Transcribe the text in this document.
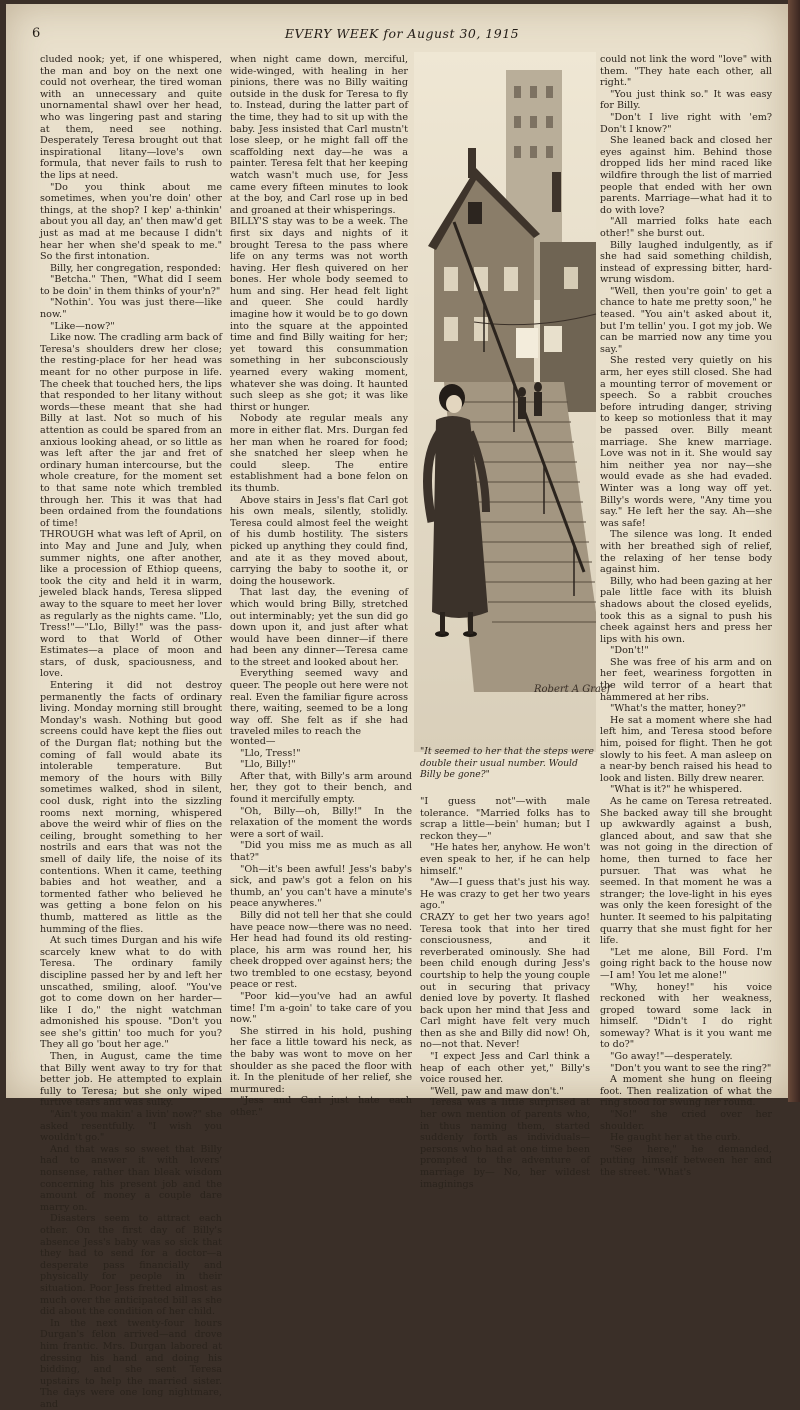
6	EVERY WEEK for August 30, 1915

cluded nook; yet, if one whispered, the man and boy on the next one could not overhear, the tired woman with an unnecessary and quite unornamental shawl over her head, who was lingering past and staring at them, need see nothing. Desperately Teresa brought out that inspirational litany—love's own formula, that never fails to rush to the lips at need.

"Do you think about me sometimes, when you're doin' other things, at the shop? I kep' a-thinkin' about you all day, an' then maw'd get just as mad at me because I didn't hear her when she'd speak to me." So the first intonation.

Billy, her congregation, responded:

"Betcha." Then, "What did I seem to be doin' in them thinks of your'n?"

"Nothin'. You was just there—like now."

"Like—now?"

Like now. The cradling arm back of Teresa's shoulders drew her close; the resting-place for her head was meant for no other purpose in life. The cheek that touched hers, the lips that responded to her litany without words—these meant that she had Billy at last. Not so much of his attention as could be spared from an anxious looking ahead, or so little as was left after the jar and fret of ordinary human intercourse, but the whole creature, for the moment set to that same note which trembled through her. This it was that had been ordained from the foundations of time!

THROUGH what was left of April, on into May and June and July, when summer nights, one after another, like a procession of Ethiop queens, took the city and held it in warm, jeweled black hands, Teresa slipped away to the square to meet her lover as regularly as the nights came. "Llo, Tress!"—"Llo, Billy!" was the pass-word to that World of Other Estimates—a place of moon and stars, of dusk, spaciousness, and love.

Entering it did not destroy permanently the facts of ordinary living. Monday morning still brought Monday's wash. Nothing but good screens could have kept the flies out of the Durgan flat; nothing but the coming of fall would abate its intolerable temperature. But memory of the hours with Billy sometimes walked, shod in silent, cool dusk, right into the sizzling rooms next morning, whispered above the weird whir of flies on the ceiling, brought something to her nostrils and ears that was not the smell of daily life, the noise of its contentions. When it came, teething babies and hot weather, and a tormented father who believed he was getting a bone felon on his thumb, mattered as little as the humming of the flies.

At such times Durgan and his wife scarcely knew what to do with Teresa. The ordinary family discipline passed her by and left her unscathed, smiling, aloof. "You've got to come down on her harder—like I do," the night watchman admonished his spouse. "Don't you see she's gittin' too much for you? They all go 'bout her age."

Then, in August, came the time that Billy went away to try for that better job. He attempted to explain fully to Teresa; but she only wiped furtive tears and was sulky.

"Ain't you makin' a livin' now?" she asked resentfully. "I wish you wouldn't go."

And that was so sweet that Billy had to answer it with lovers' nonsense, rather than bleak wisdom concerning his present job and the amount of money a couple dare marry on.

Disasters seem to attract each other. On the first day of Billy's absence Jess's baby was so sick that they had to send for a doctor—a desperate pass financially and physically for people in their situation. Poor Jess fretted almost as much over the anticipated bill as she did about the condition of her child.

In the next twenty-four hours Durgan's felon arrived—and drove him frantic. Mrs. Durgan labored at dressing his hand and doing his bidding, and she sent Teresa upstairs to help the married sister. The days were one long nightmare, and

when night came down, merciful, wide-winged, with healing in her pinions, there was no Billy waiting outside in the dusk for Teresa to fly to. Instead, during the latter part of the time, they had to sit up with the baby. Jess insisted that Carl mustn't lose sleep, or he might fall off the scaffolding next day—he was a painter. Teresa felt that her keeping watch wasn't much use, for Jess came every fifteen minutes to look at the boy, and Carl rose up in bed and groaned at their whisperings.

BILLY'S stay was to be a week. The first six days and nights of it brought Teresa to the pass where life on any terms was not worth having. Her flesh quivered on her bones. Her whole body seemed to hum and sing. Her head felt light and queer. She could hardly imagine how it would be to go down into the square at the appointed time and find Billy waiting for her; yet toward this consummation something in her subconsciously yearned every waking moment, whatever she was doing. It haunted such sleep as she got; it was like thirst or hunger.

Nobody ate regular meals any more in either flat. Mrs. Durgan fed her man when he roared for food; she snatched her sleep when he could sleep. The entire establishment had a bone felon on its thumb.

Above stairs in Jess's flat Carl got his own meals, silently, stolidly. Teresa could almost feel the weight of his dumb hostility. The sisters picked up anything they could find, and ate it as they moved about, carrying the baby to soothe it, or doing the housework.

That last day, the evening of which would bring Billy, stretched out interminably; yet the sun did go down upon it, and just after what would have been dinner—if there had been any dinner—Teresa came to the street and looked about her.

Everything seemed wavy and queer. The people out here were not real. Even the familiar figure across there, waiting, seemed to be a long way off. She felt as if she had traveled miles to reach the

Robert A Graef
"It seemed to her that the steps were double their usual number. Would Billy be gone?"

wonted—

"Llo, Tress!"

"Llo, Billy!"

After that, with Billy's arm around her, they got to their bench, and found it mercifully empty.

"Oh, Billy—oh, Billy!" In the relaxation of the moment the words were a sort of wail.

"Did you miss me as much as all that?"

"Oh—it's been awful! Jess's baby's sick, and paw's got a felon on his thumb, an' you can't have a minute's peace anywheres."

Billy did not tell her that she could have peace now—there was no need. Her head had found its old resting-place, his arm was round her, his cheek dropped over against hers; the two trembled to one ecstasy, beyond peace or rest.

"Poor kid—you've had an awful time! I'm a-goin' to take care of you now."

She stirred in his hold, pushing her face a little toward his neck, as the baby was wont to move on her shoulder as she paced the floor with it. In the plenitude of her relief, she murmured:

"Jess and Carl just hate each other."

"I guess not"—with male tolerance. "Married folks has to scrap a little—bein' human; but I reckon they—"

"He hates her, anyhow. He won't even speak to her, if he can help himself."

"Aw—I guess that's just his way. He was crazy to get her two years ago."

CRAZY to get her two years ago! Teresa took that into her tired consciousness, and it reverberated ominously. She had been child enough during Jess's courtship to help the young couple out in securing that privacy denied love by poverty. It flashed back upon her mind that Jess and Carl might have felt very much then as she and Billy did now! Oh, no—not that. Never!

"I expect Jess and Carl think a heap of each other yet," Billy's voice roused her.

"Well, paw and maw don't."

Teresa was a little surprised at her own mention of parents who, in thus naming them, started suddenly forth as individuals—persons who had at one time been prompted to the adventure of marriage by— No, her wildest imaginings

could not link the word "love" with them. "They hate each other, all right."

"You just think so." It was easy for Billy.

"Don't I live right with 'em? Don't I know?"

She leaned back and closed her eyes against him. Behind those dropped lids her mind raced like wildfire through the list of married people that ended with her own parents. Marriage—what had it to do with love?

"All married folks hate each other!" she burst out.

Billy laughed indulgently, as if she had said something childish, instead of expressing bitter, hard-wrung wisdom.

"Well, then you're goin' to get a chance to hate me pretty soon," he teased. "You ain't asked about it, but I'm tellin' you. I got my job. We can be married now any time you say."

She rested very quietly on his arm, her eyes still closed. She had a mounting terror of movement or speech. So a rabbit crouches before intruding danger, striving to keep so motionless that it may be passed over. Billy meant marriage. She knew marriage. Love was not in it. She would say him neither yea nor nay—she would evade as she had evaded. Winter was a long way off yet. Billy's words were, "Any time you say." He left her the say. Ah—she was safe!

The silence was long. It ended with her breathed sigh of relief, the relaxing of her tense body against him.

Billy, who had been gazing at her pale little face with its bluish shadows about the closed eyelids, took this as a signal to push his cheek against hers and press her lips with his own.

"Don't!"

She was free of his arm and on her feet, weariness forgotten in the wild terror of a heart that hammered at her ribs.

"What's the matter, honey?"

He sat a moment where she had left him, and Teresa stood before him, poised for flight. Then he got slowly to his feet. A man asleep on a near-by bench raised his head to look and listen. Billy drew nearer.

"What is it?" he whispered.

As he came on Teresa retreated. She backed away till she brought up awkwardly against a bush, glanced about, and saw that she was not going in the direction of home, then turned to face her pursuer. That was what he seemed. In that moment he was a stranger; the love-light in his eyes was only the keen foresight of the hunter. It seemed to his palpitating quarry that she must fight for her life.

"Let me alone, Bill Ford. I'm going right back to the house now—I am! You let me alone!"

"Why, honey!" his voice reckoned with her weakness, groped toward some lack in himself. "Didn't I do right someway? What is it you want me to do?"

"Go away!"—desperately.

"Don't you want to see the ring?"

A moment she hung on fleeing foot. Then realization of what the ring stood for swung her round.

"No!" she cried over her shoulder.

He gaught her at the curb.

"See here," he demanded, putting himself between her and the street. "What's
